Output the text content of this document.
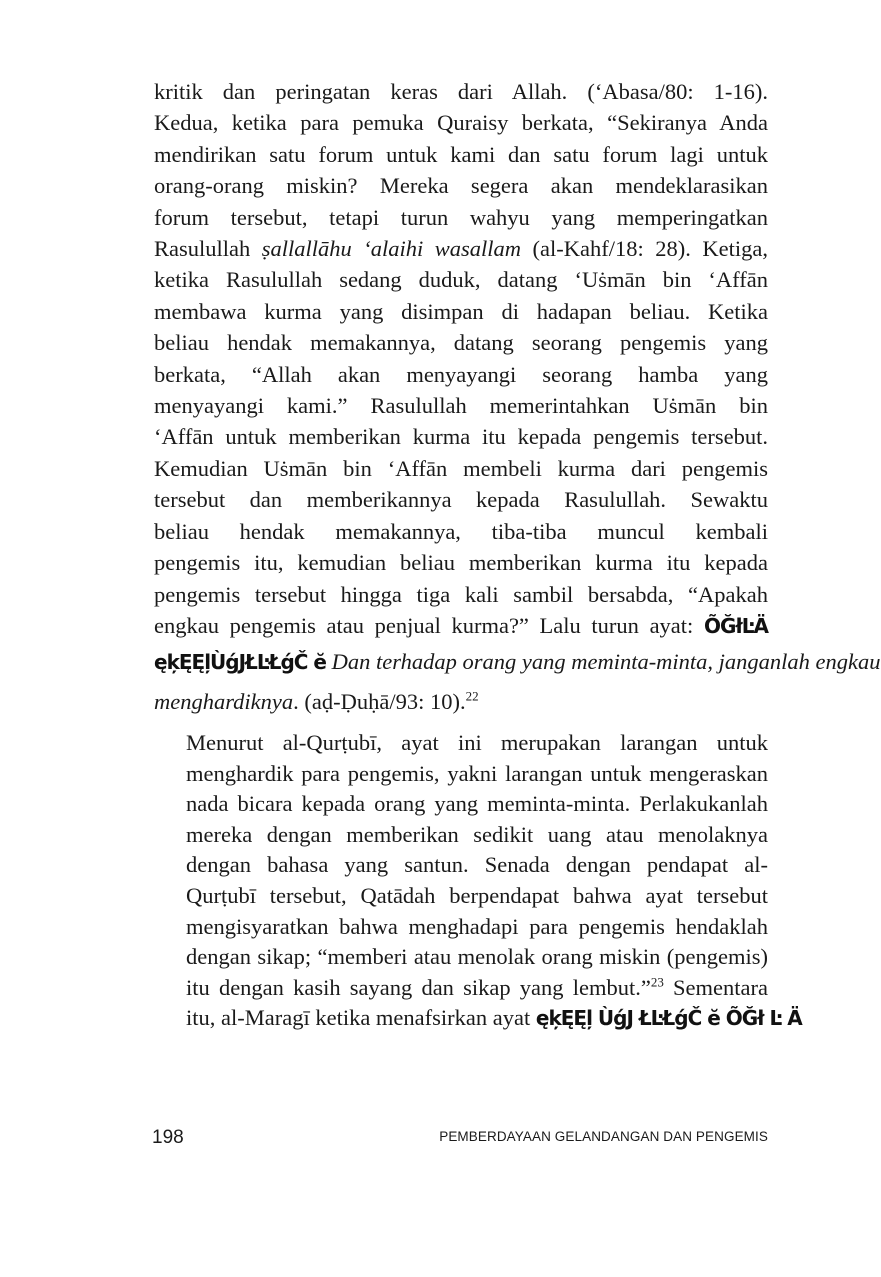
kritik dan peringatan keras dari Allah. (‘Abasa/80: 1-16).
Kedua, ketika para pemuka Quraisy berkata, “Sekiranya Anda
mendirikan satu forum untuk kami dan satu forum lagi untuk
orang-orang miskin? Mereka segera akan mendeklarasikan
forum tersebut, tetapi turun wahyu yang memperingatkan
Rasulullah ṣallallāhu ‘alaihi wasallam (al-Kahf/18: 28). Ketiga,
ketika Rasulullah sedang duduk, datang ‘Uṡmān bin ‘Affān
membawa kurma yang disimpan di hadapan beliau. Ketika
beliau hendak memakannya, datang seorang pengemis yang
berkata, “Allah akan menyayangi seorang hamba yang
menyayangi kami.” Rasulullah memerintahkan Uṡmān bin
‘Affān untuk memberikan kurma itu kepada pengemis tersebut.
Kemudian Uṡmān bin ‘Affān membeli kurma dari pengemis
tersebut dan memberikannya kepada Rasulullah. Sewaktu
beliau hendak memakannya, tiba-tiba muncul kembali
pengemis itu, kemudian beliau memberikan kurma itu kepada
pengemis tersebut hingga tiga kali sambil bersabda, “Apakah
engkau pengemis atau penjual kurma?” Lalu turun ayat: ÕĞłĿÄ
ęķĘĘļÙǵJŁĿŁǵČ ĕ Dan terhadap orang yang meminta-minta, janganlah engkau
menghardiknya. (aḍ-Ḍuḥā/93: 10).$^{22}$
Menurut al-Qurṭubī, ayat ini merupakan larangan untuk
menghardik para pengemis, yakni larangan untuk mengeraskan
nada bicara kepada orang yang meminta-minta. Perlakukanlah
mereka dengan memberikan sedikit uang atau menolaknya
dengan bahasa yang santun. Senada dengan pendapat al-
Qurṭubī tersebut, Qatādah berpendapat bahwa ayat tersebut
mengisyaratkan bahwa menghadapi para pengemis hendaklah
dengan sikap; “memberi atau menolak orang miskin (pengemis)
itu dengan kasih sayang dan sikap yang lembut.”$^{23}$ Sementara
itu, al-Maragī ketika menafsirkan ayat ęķĘĘļ ÙǵJ ŁĿŁǵČ ĕ ÕĞł Ŀ Ä
198	PEMBERDAYAAN GELANDANGAN DAN PENGEMIS
